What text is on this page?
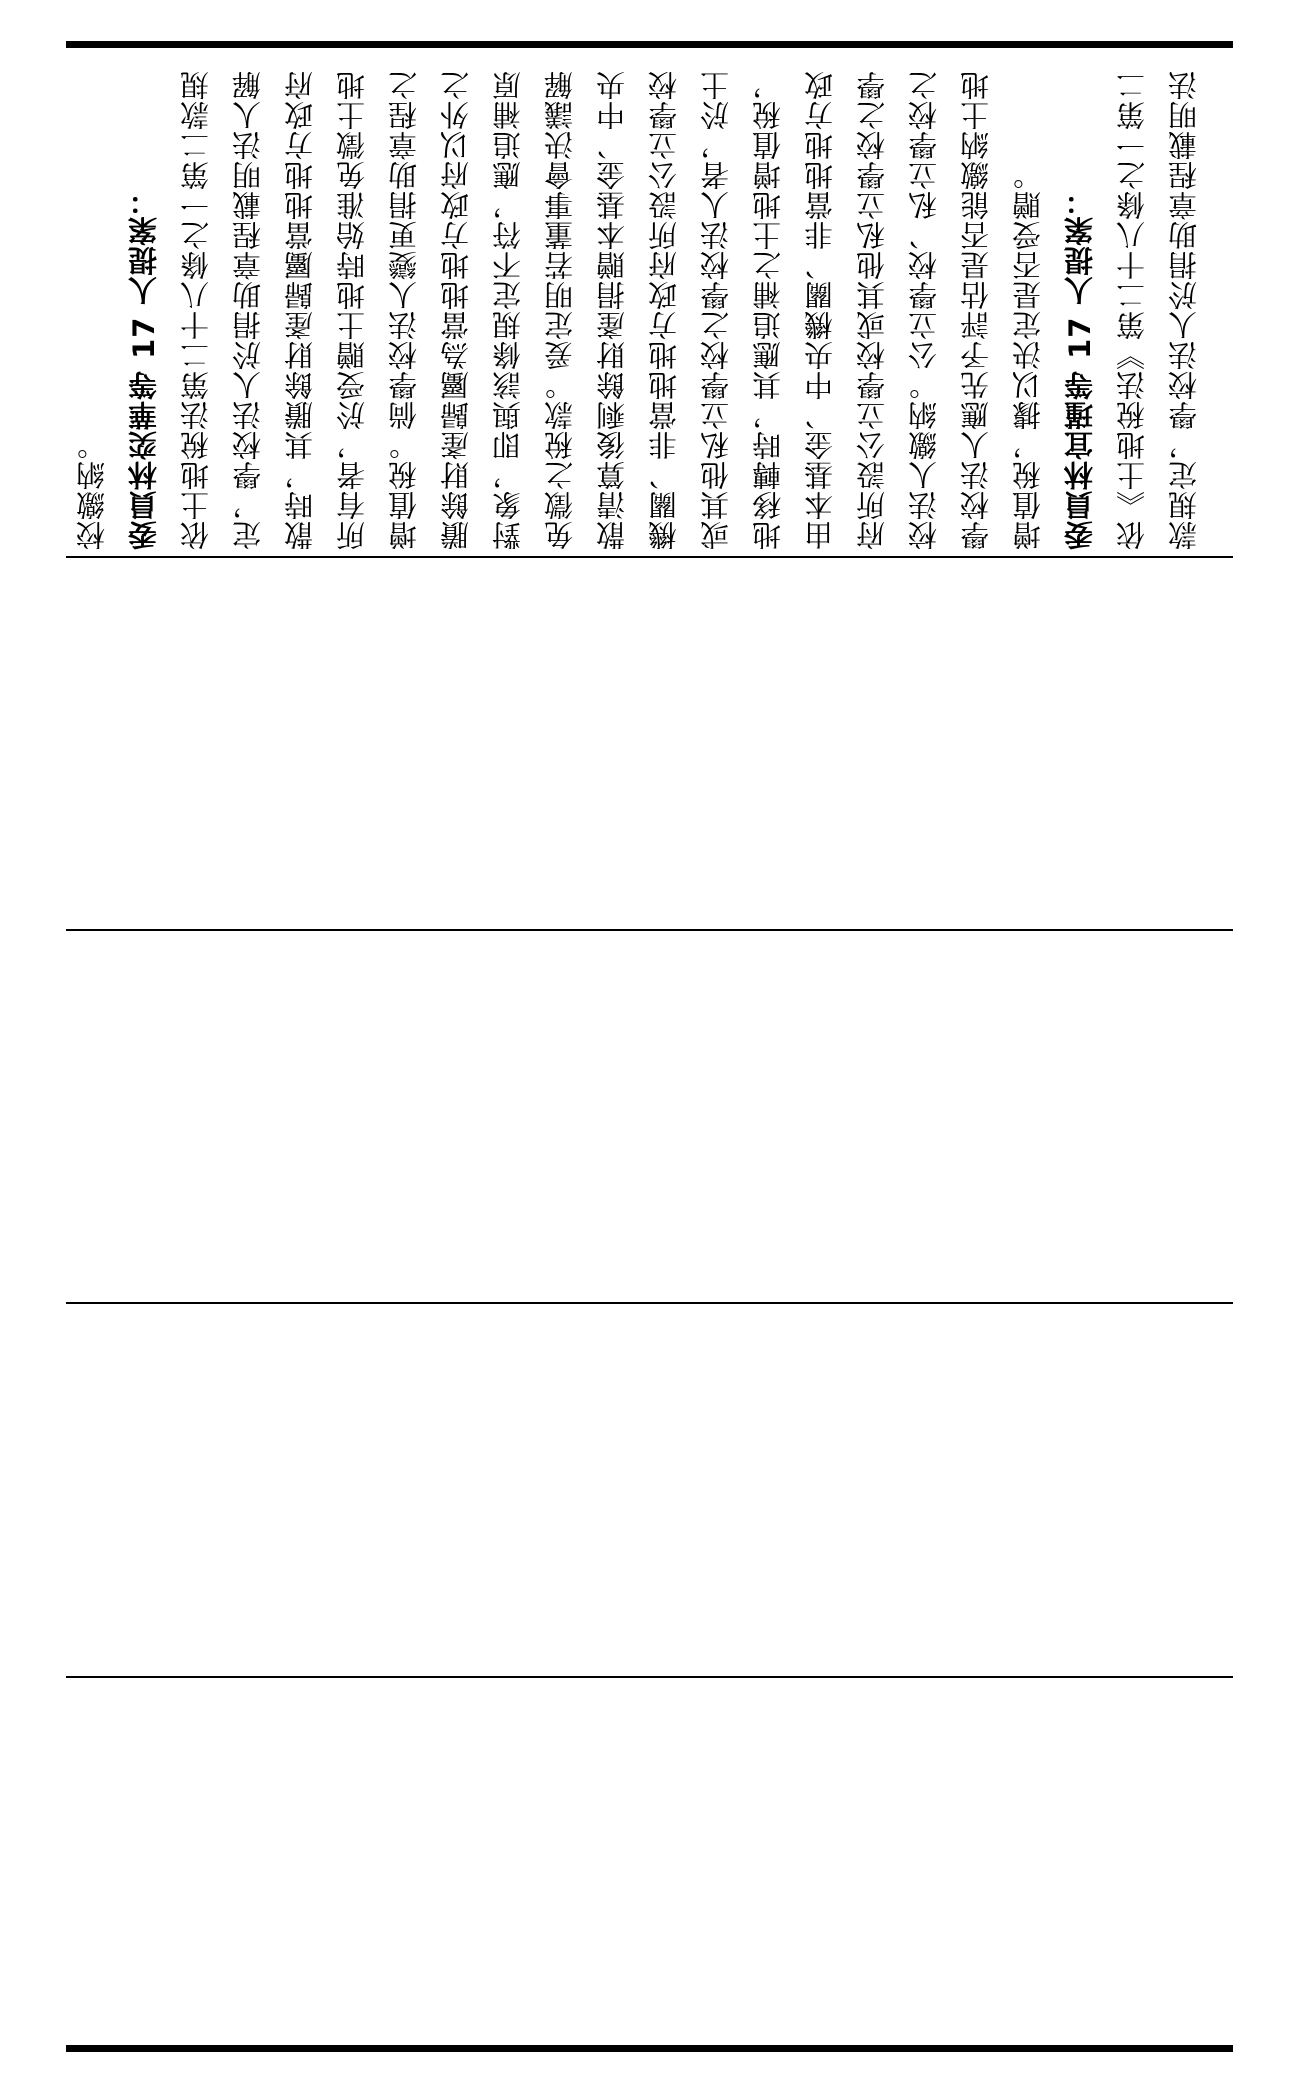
校繳納。 委員林奕華等 17 人提案： 依土地稅法第二十八條之一第二款規定，學校法人於捐助章程載明法人解散時，其賸餘財產歸屬當地地方政府所有者，於受贈土地時始准免徵土地增值稅。倘學校法人變更捐助章程之賸餘財產歸屬為當地地方政府以外之對象，即與該條規定不符，應追補原免徵之稅款。爰定明若董事會決議解散清算後剩餘財產捐贈本基金、中央機關、非當地地方政府所設公立學校或其他私立學校之學校法人者，於土地移轉時，其應追補之土地增值稅，由本基金、中央機關、非當地地方政府所設公立學校或其他私立學校之學校法人繳納。公立學校、私立學校之學校法人應先予評估是否能繳納土地增值稅，據以決定是否受贈。 委員林宜瑾等 17 人提案： 依《土地稅法》第二十八條之一第二款規定，學校法人於捐助章程載明法
